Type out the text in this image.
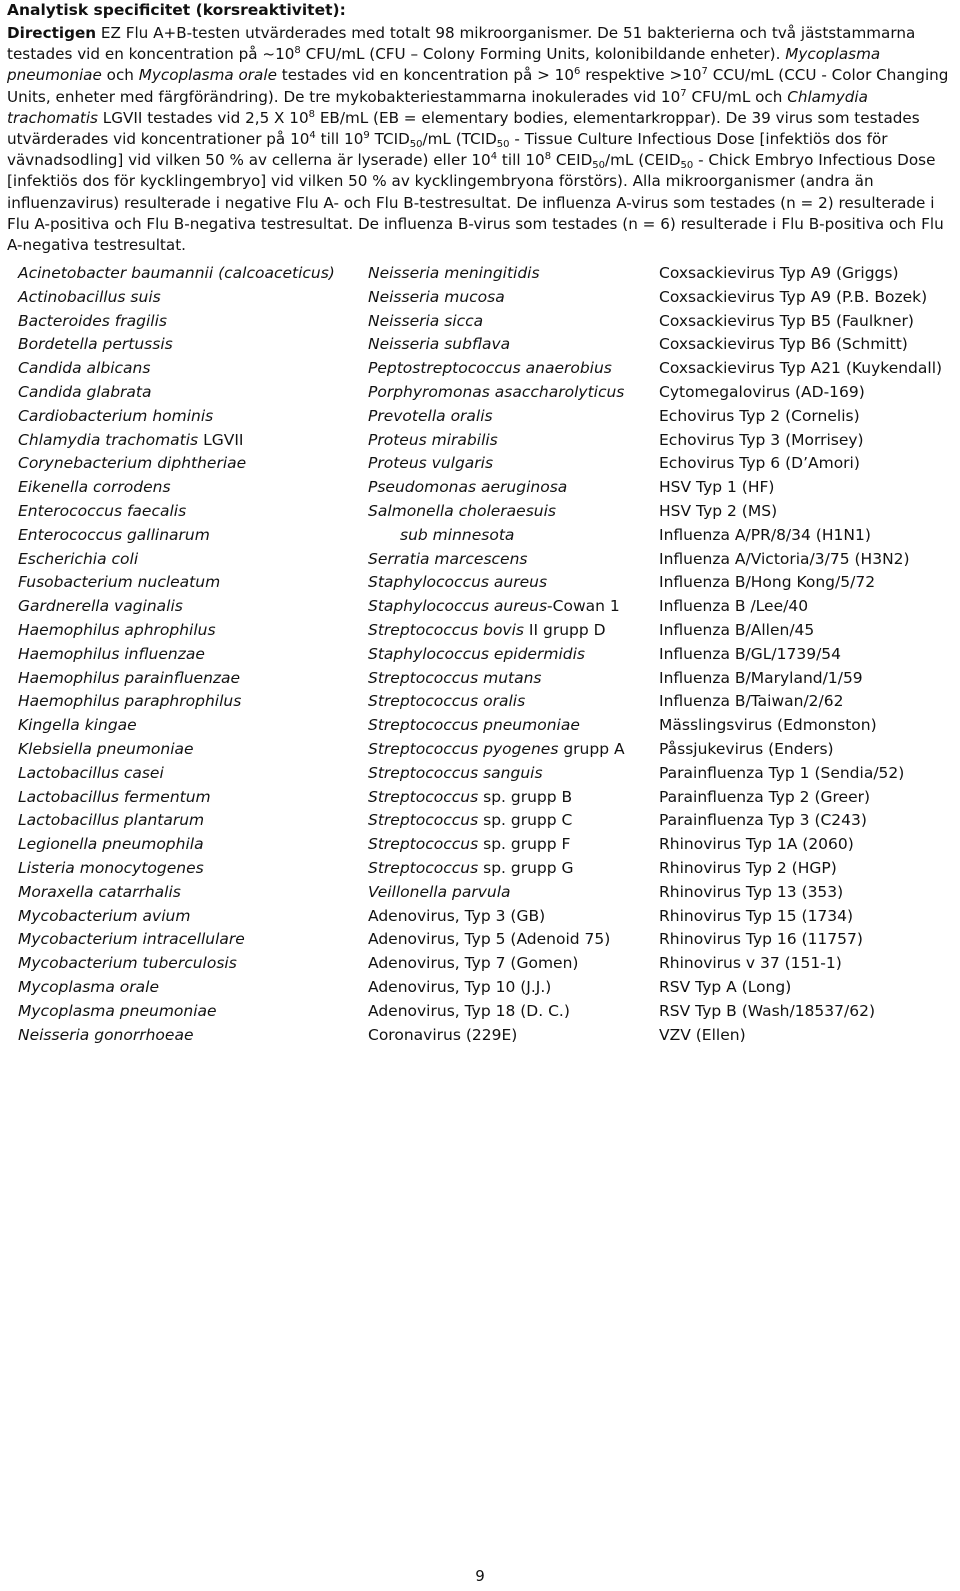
Analytisk specificitet (korsreaktivitet):

Directigen EZ Flu A+B-testen utvärderades med totalt 98 mikroorganismer. De 51 bakterierna och två jäststammarna testades vid en koncentration på $\sim 10^8$ CFU/mL (CFU – Colony Forming Units, kolonibildande enheter). Mycoplasma pneumoniae och Mycoplasma orale testades vid en koncentration på > $10^6$ respektive $>10^7$ CCU/mL (CCU - Color Changing Units, enheter med färgförändring). De tre mykobakteriestammarna inokulerades vid $10^7$ CFU/mL och Chlamydia trachomatis LGVII testades vid 2,5 X $10^8$ EB/mL (EB = elementary bodies, elementarkroppar). De 39 virus som testades utvärderades vid koncentrationer på $10^4$ till $10^9$ $TCID_{50}/mL$ ($TCID_{50}$ - Tissue Culture Infectious Dose [infektiös dos för vävnadsodling] vid vilken 50 % av cellerna är lyserade) eller $10^4$ till $10^8$ $CEID_{50}/mL$ ($CEID_{50}$ - Chick Embryo Infectious Dose [infektiös dos för kycklingembryo] vid vilken 50 % av kycklingembryona förstörs). Alla mikroorganismer (andra än influenzavirus) resulterade i negative Flu A- och Flu B-testresultat. De influenza A-virus som testades (n = 2) resulterade i Flu A-positiva och Flu B-negativa testresultat. De influenza B-virus som testades (n = 6) resulterade i Flu B-positiva och Flu A-negativa testresultat.

Acinetobacter baumannii (calcoaceticus)
Actinobacillus suis
Bacteroides fragilis
Bordetella pertussis
Candida albicans
Candida glabrata
Cardiobacterium hominis
Chlamydia trachomatis LGVII
Corynebacterium diphtheriae
Eikenella corrodens
Enterococcus faecalis
Enterococcus gallinarum
Escherichia coli
Fusobacterium nucleatum
Gardnerella vaginalis
Haemophilus aphrophilus
Haemophilus influenzae
Haemophilus parainfluenzae
Haemophilus paraphrophilus
Kingella kingae
Klebsiella pneumoniae
Lactobacillus casei
Lactobacillus fermentum
Lactobacillus plantarum
Legionella pneumophila
Listeria monocytogenes
Moraxella catarrhalis
Mycobacterium avium
Mycobacterium intracellulare
Mycobacterium tuberculosis
Mycoplasma orale
Mycoplasma pneumoniae
Neisseria gonorrhoeae
Neisseria meningitidis
Neisseria mucosa
Neisseria sicca
Neisseria subflava
Peptostreptococcus anaerobius
Porphyromonas asaccharolyticus
Prevotella oralis
Proteus mirabilis
Proteus vulgaris
Pseudomonas aeruginosa
Salmonella choleraesuis
sub minnesota
Serratia marcescens
Staphylococcus aureus
Staphylococcus aureus-Cowan 1
Streptococcus bovis II grupp D
Staphylococcus epidermidis
Streptococcus mutans
Streptococcus oralis
Streptococcus pneumoniae
Streptococcus pyogenes grupp A
Streptococcus sanguis
Streptococcus sp. grupp B
Streptococcus sp. grupp C
Streptococcus sp. grupp F
Streptococcus sp. grupp G
Veillonella parvula
Adenovirus, Typ 3 (GB)
Adenovirus, Typ 5 (Adenoid 75)
Adenovirus, Typ 7 (Gomen)
Adenovirus, Typ 10 (J.J.)
Adenovirus, Typ 18 (D. C.)
Coronavirus (229E)
Coxsackievirus Typ A9 (Griggs)
Coxsackievirus Typ A9 (P.B. Bozek)
Coxsackievirus Typ B5 (Faulkner)
Coxsackievirus Typ B6 (Schmitt)
Coxsackievirus Typ A21 (Kuykendall)
Cytomegalovirus (AD-169)
Echovirus Typ 2 (Cornelis)
Echovirus Typ 3 (Morrisey)
Echovirus Typ 6 (D’Amori)
HSV Typ 1 (HF)
HSV Typ 2 (MS)
Influenza A/PR/8/34 (H1N1)
Influenza A/Victoria/3/75 (H3N2)
Influenza B/Hong Kong/5/72
Influenza B /Lee/40
Influenza B/Allen/45
Influenza B/GL/1739/54
Influenza B/Maryland/1/59
Influenza B/Taiwan/2/62
Mässlingsvirus (Edmonston)
Påssjukevirus (Enders)
Parainfluenza Typ 1 (Sendia/52)
Parainfluenza Typ 2 (Greer)
Parainfluenza Typ 3 (C243)
Rhinovirus Typ 1A (2060)
Rhinovirus Typ 2 (HGP)
Rhinovirus Typ 13 (353)
Rhinovirus Typ 15 (1734)
Rhinovirus Typ 16 (11757)
Rhinovirus v 37 (151-1)
RSV Typ A (Long)
RSV Typ B (Wash/18537/62)
VZV (Ellen)
9
